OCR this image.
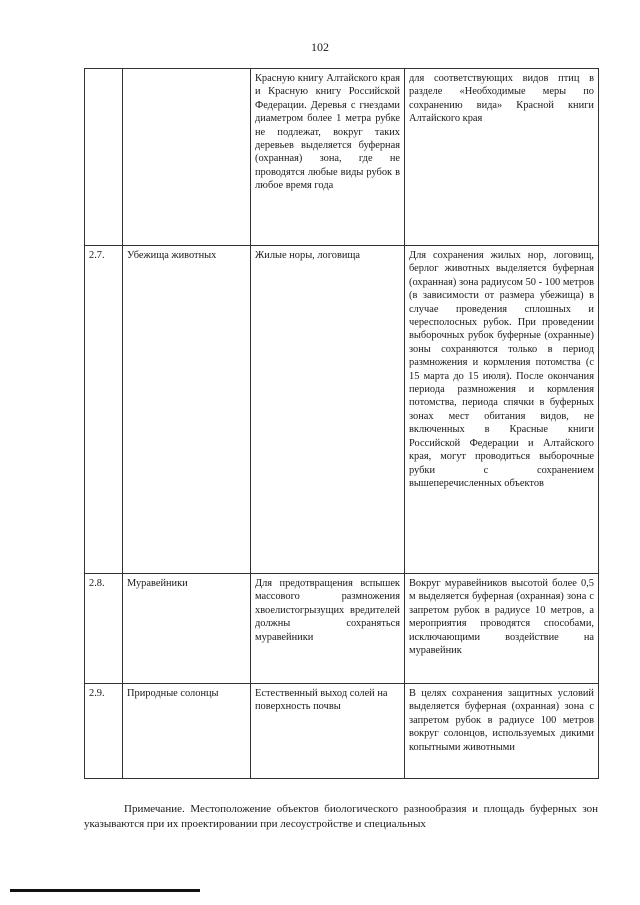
102
		Красную книгу Алтайского края и Красную книгу Российской Федерации. Деревья с гнездами диаметром более 1 метра рубке не подлежат, вокруг таких деревьев выделяется буферная (охранная) зона, где не проводятся любые виды рубок в любое время года	для соответствующих видов птиц в разделе «Необходимые меры по сохранению вида» Красной книги Алтайского края
2.7.	Убежища животных	Жилые норы, логовища	Для сохранения жилых нор, логовищ, берлог животных выделяется буферная (охранная) зона радиусом 50 - 100 метров (в зависимости от размера убежища) в случае проведения сплошных и чересполосных рубок. При проведении выборочных рубок буферные (охранные) зоны сохраняются только в период размножения и кормления потомства (с 15 марта до 15 июля). После окончания периода размножения и кормления потомства, периода спячки в буферных зонах мест обитания видов, не включенных в Красные книги Российской Федерации и Алтайского края, могут проводиться выборочные рубки с сохранением вышеперечисленных объектов
2.8.	Муравейники	Для предотвращения вспышек массового размножения хвоелистогрызущих вредителей должны сохраняться муравейники	Вокруг муравейников высотой более 0,5 м выделяется буферная (охранная) зона с запретом рубок в радиусе 10 метров, а мероприятия проводятся способами, исключающими воздействие на муравейник
2.9.	Природные солонцы	Естественный выход солей на поверхность почвы	В целях сохранения защитных условий выделяется буферная (охранная) зона с запретом рубок в радиусе 100 метров вокруг солонцов, используемых дикими копытными животными
Примечание. Местоположение объектов биологического разнообразия и площадь буферных зон указываются при их проектировании при лесоустройстве и специальных
